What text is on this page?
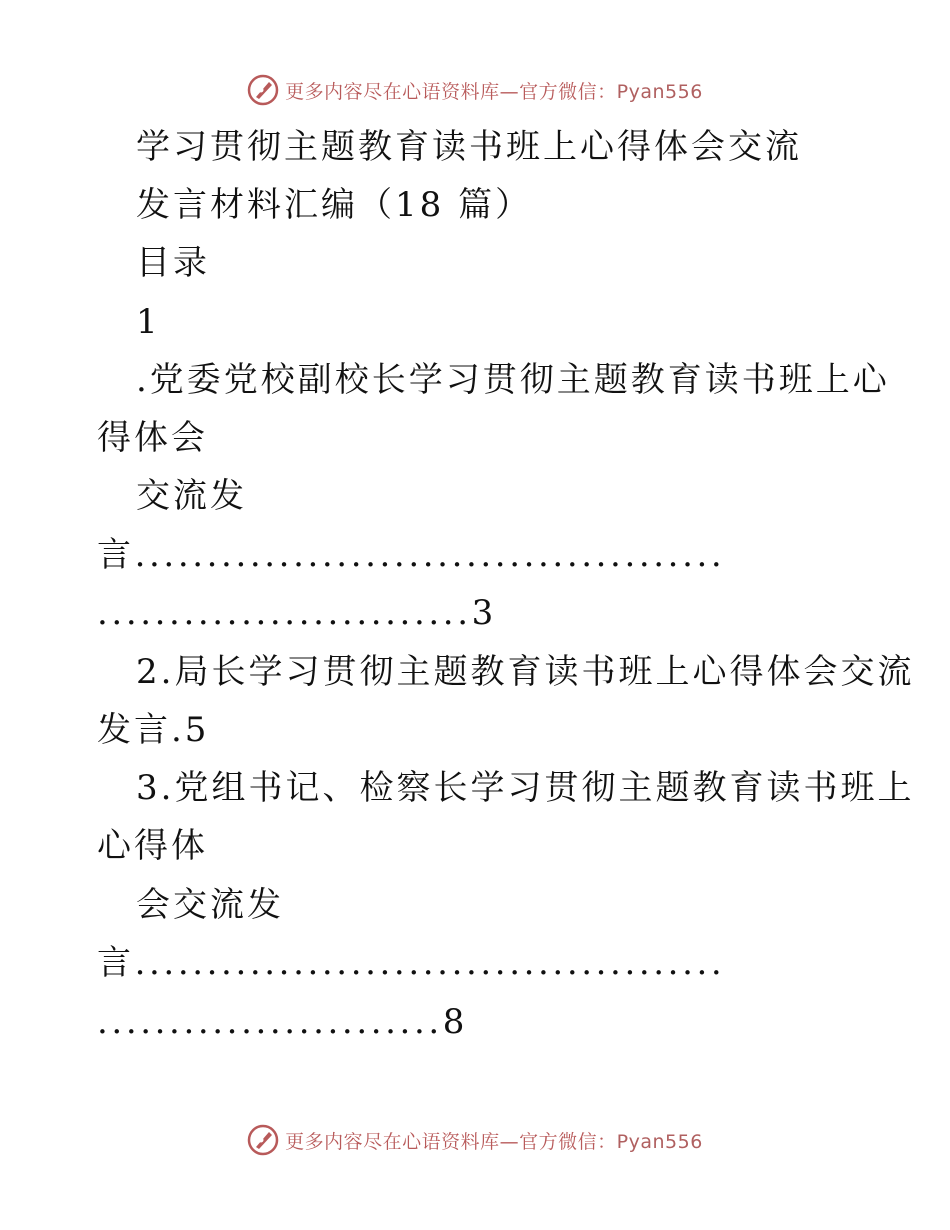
更多内容尽在心语资料库—官方微信：Pyan556
学习贯彻主题教育读书班上心得体会交流
发言材料汇编（18 篇）
目录
1
.党委党校副校长学习贯彻主题教育读书班上心
得体会
交流发
言.........................................
..........................3
2.局长学习贯彻主题教育读书班上心得体会交流
发言.5
3.党组书记、检察长学习贯彻主题教育读书班上
心得体
会交流发
言.........................................
........................8
更多内容尽在心语资料库—官方微信：Pyan556
